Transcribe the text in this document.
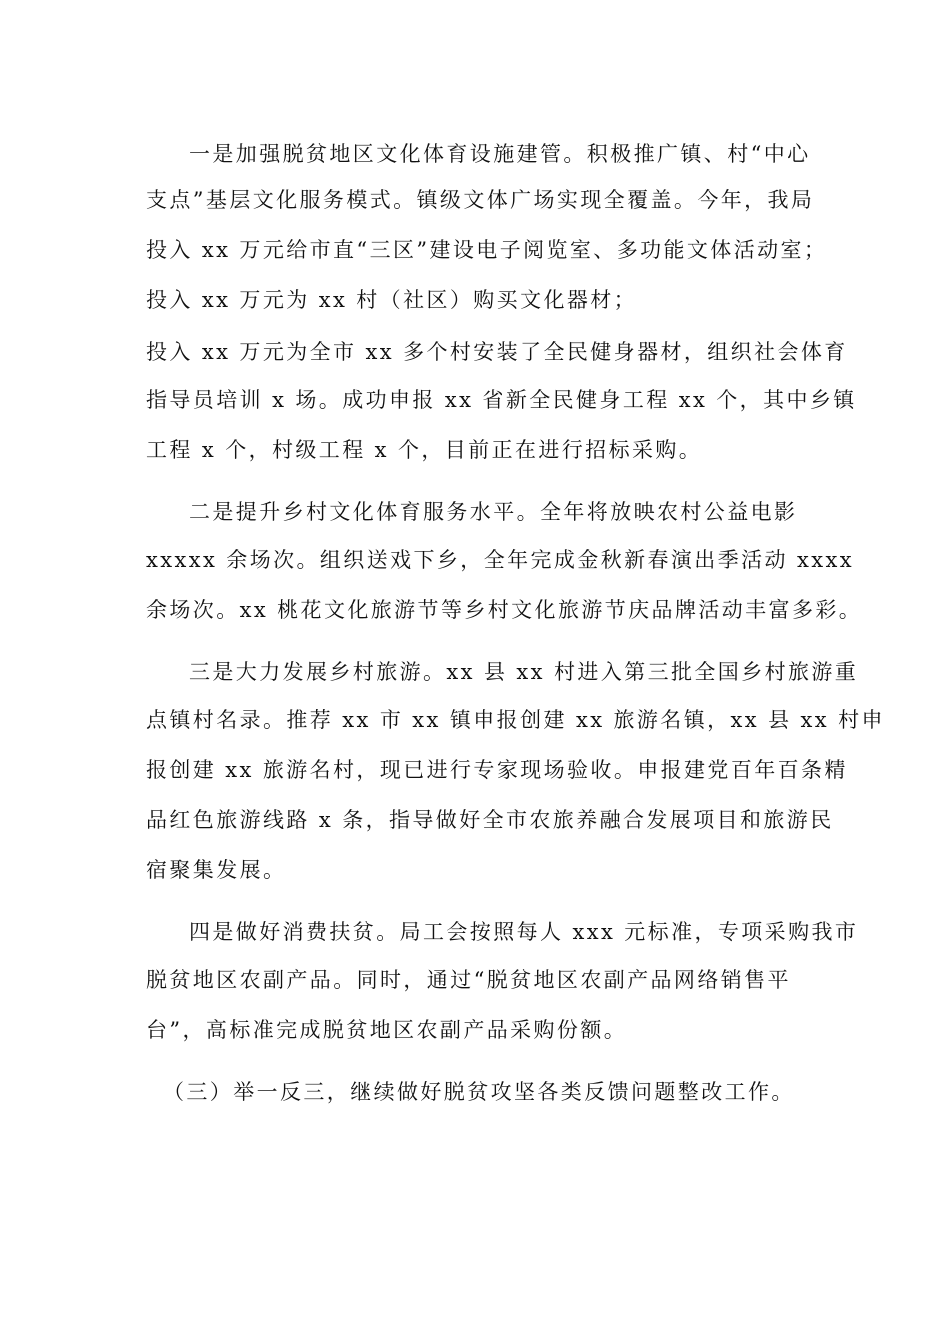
一是加强脱贫地区文化体育设施建管。积极推广镇、村“中心
支点”基层文化服务模式。镇级文体广场实现全覆盖。今年，我局
投入 xx 万元给市直“三区”建设电子阅览室、多功能文体活动室；
投入 xx 万元为 xx 村（社区）购买文化器材；
投入 xx 万元为全市 xx 多个村安装了全民健身器材，组织社会体育
指导员培训 x 场。成功申报 xx 省新全民健身工程 xx 个，其中乡镇
工程 x 个，村级工程 x 个，目前正在进行招标采购。
二是提升乡村文化体育服务水平。全年将放映农村公益电影
xxxxx 余场次。组织送戏下乡，全年完成金秋新春演出季活动 xxxx
余场次。xx 桃花文化旅游节等乡村文化旅游节庆品牌活动丰富多彩。
三是大力发展乡村旅游。xx 县 xx 村进入第三批全国乡村旅游重
点镇村名录。推荐 xx 市 xx 镇申报创建 xx 旅游名镇，xx 县 xx 村申
报创建 xx 旅游名村，现已进行专家现场验收。申报建党百年百条精
品红色旅游线路 x 条，指导做好全市农旅养融合发展项目和旅游民
宿聚集发展。
四是做好消费扶贫。局工会按照每人 xxx 元标准，专项采购我市
脱贫地区农副产品。同时，通过“脱贫地区农副产品网络销售平
台”，高标准完成脱贫地区农副产品采购份额。
（三）举一反三，继续做好脱贫攻坚各类反馈问题整改工作。
